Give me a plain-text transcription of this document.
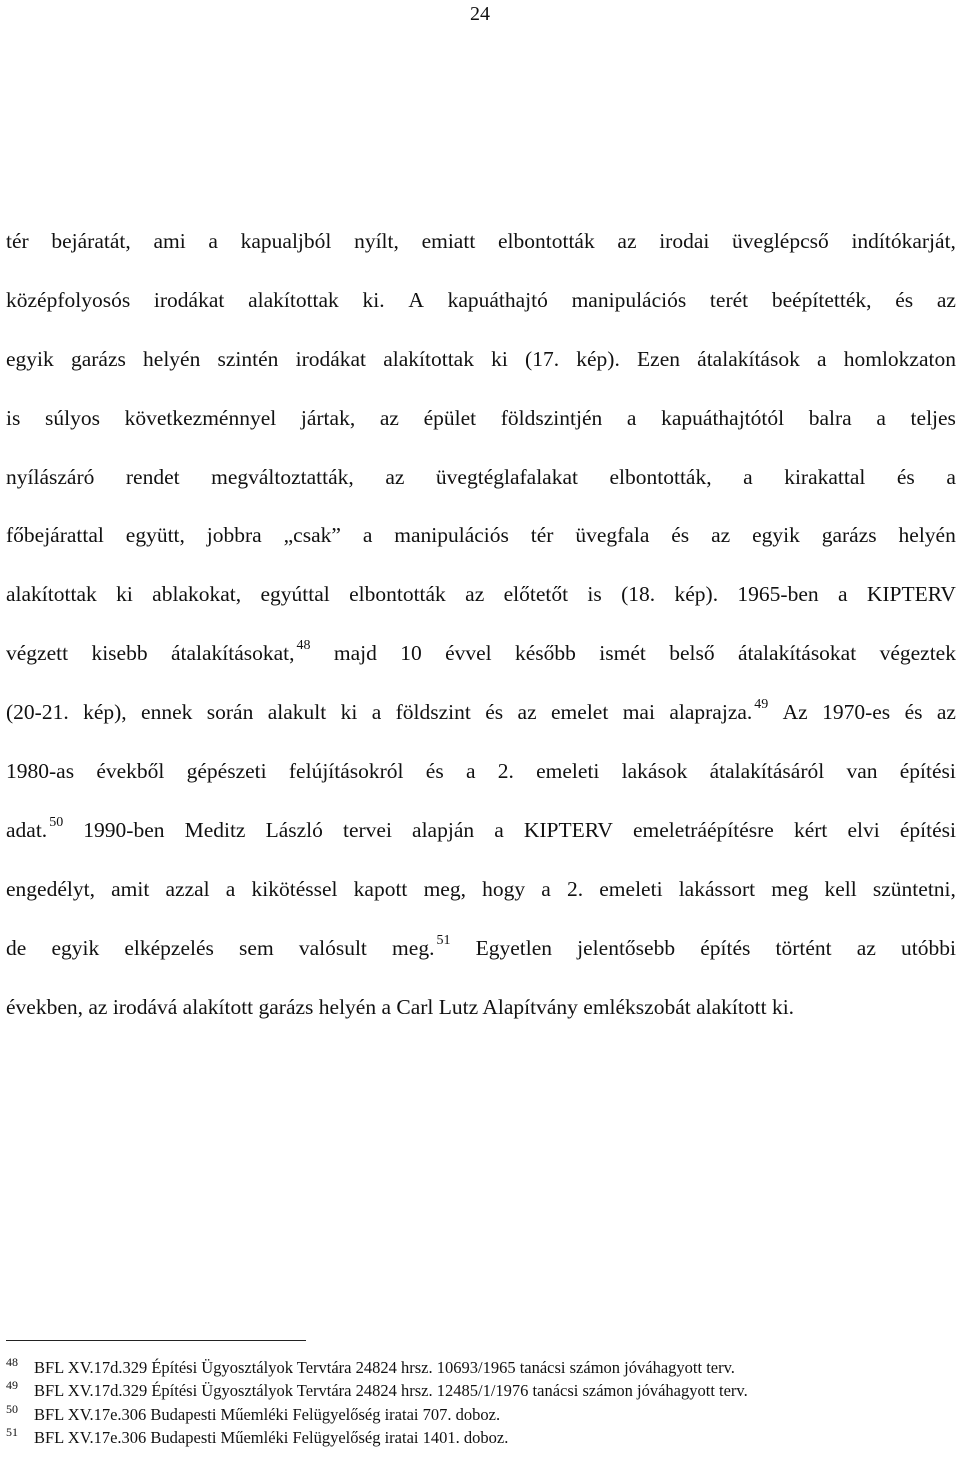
24
tér bejáratát, ami a kapualjból nyílt, emiatt elbontották az irodai üveglépcső indítókarját,
középfolyosós irodákat alakítottak ki. A kapuáthajtó manipulációs terét beépítették, és az
egyik garázs helyén szintén irodákat alakítottak ki (17. kép). Ezen átalakítások a homlokzaton
is súlyos következménnyel jártak, az épület földszintjén a kapuáthajtótól balra a teljes
nyílászáró rendet megváltoztatták, az üvegtéglafalakat elbontották, a kirakattal és a
főbejárattal együtt, jobbra „csak” a manipulációs tér üvegfala és az egyik garázs helyén
alakítottak ki ablakokat, egyúttal elbontották az előtetőt is (18. kép). 1965-ben a KIPTERV
végzett kisebb átalakításokat, $^{48}$ majd 10 évvel később ismét belső átalakításokat végeztek
(20-21. kép), ennek során alakult ki a földszint és az emelet mai alaprajza. $^{49}$ Az 1970-es és az
1980-as évekből gépészeti felújításokról és a 2. emeleti lakások átalakításáról van építési
adat. $^{50}$ 1990-ben Meditz László tervei alapján a KIPTERV emeletráépítésre kért elvi építési
engedélyt, amit azzal a kikötéssel kapott meg, hogy a 2. emeleti lakássort meg kell szüntetni,
de egyik elképzelés sem valósult meg. $^{51}$ Egyetlen jelentősebb építés történt az utóbbi
években, az irodává alakított garázs helyén a Carl Lutz Alapítvány emlékszobát alakított ki.
48 BFL XV.17d.329 Építési Ügyosztályok Tervtára 24824 hrsz. 10693/1965 tanácsi számon jóváhagyott terv.
49 BFL XV.17d.329 Építési Ügyosztályok Tervtára 24824 hrsz. 12485/1/1976 tanácsi számon jóváhagyott terv.
50 BFL XV.17e.306 Budapesti Műemléki Felügyelőség iratai 707. doboz.
51 BFL XV.17e.306 Budapesti Műemléki Felügyelőség iratai 1401. doboz.
